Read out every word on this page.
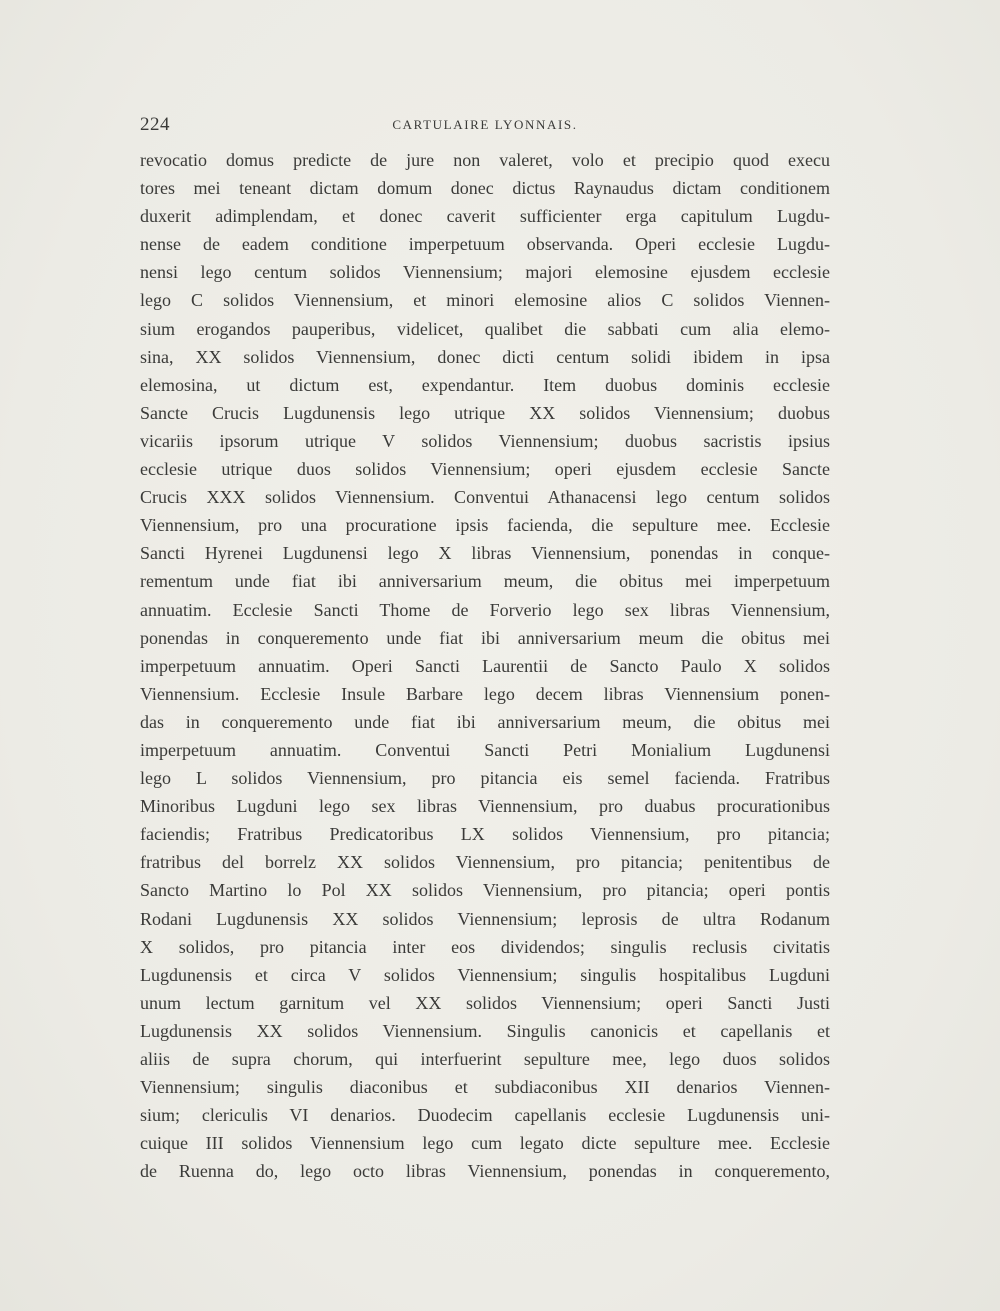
224	CARTULAIRE LYONNAIS.
revocatio domus predicte de jure non valeret, volo et precipio quod execu
tores mei teneant dictam domum donec dictus Raynaudus dictam conditionem
duxerit adimplendam, et donec caverit sufficienter erga capitulum Lugdu-
nense de eadem conditione imperpetuum observanda. Operi ecclesie Lugdu-
nensi lego centum solidos Viennensium; majori elemosine ejusdem ecclesie
lego C solidos Viennensium, et minori elemosine alios C solidos Viennen-
sium erogandos pauperibus, videlicet, qualibet die sabbati cum alia elemo-
sina, XX solidos Viennensium, donec dicti centum solidi ibidem in ipsa
elemosina, ut dictum est, expendantur. Item duobus dominis ecclesie
Sancte Crucis Lugdunensis lego utrique XX solidos Viennensium; duobus
vicariis ipsorum utrique V solidos Viennensium; duobus sacristis ipsius
ecclesie utrique duos solidos Viennensium; operi ejusdem ecclesie Sancte
Crucis XXX solidos Viennensium. Conventui Athanacensi lego centum solidos
Viennensium, pro una procuratione ipsis facienda, die sepulture mee. Ecclesie
Sancti Hyrenei Lugdunensi lego X libras Viennensium, ponendas in conque-
rementum unde fiat ibi anniversarium meum, die obitus mei imperpetuum
annuatim. Ecclesie Sancti Thome de Forverio lego sex libras Viennensium,
ponendas in conqueremento unde fiat ibi anniversarium meum die obitus mei
imperpetuum annuatim. Operi Sancti Laurentii de Sancto Paulo X solidos
Viennensium. Ecclesie Insule Barbare lego decem libras Viennensium ponen-
das in conqueremento unde fiat ibi anniversarium meum, die obitus mei
imperpetuum annuatim. Conventui Sancti Petri Monialium Lugdunensi
lego L solidos Viennensium, pro pitancia eis semel facienda. Fratribus
Minoribus Lugduni lego sex libras Viennensium, pro duabus procurationibus
faciendis; Fratribus Predicatoribus LX solidos Viennensium, pro pitancia;
fratribus del borrelz XX solidos Viennensium, pro pitancia; penitentibus de
Sancto Martino lo Pol XX solidos Viennensium, pro pitancia; operi pontis
Rodani Lugdunensis XX solidos Viennensium; leprosis de ultra Rodanum
X solidos, pro pitancia inter eos dividendos; singulis reclusis civitatis
Lugdunensis et circa V solidos Viennensium; singulis hospitalibus Lugduni
unum lectum garnitum vel XX solidos Viennensium; operi Sancti Justi
Lugdunensis XX solidos Viennensium. Singulis canonicis et capellanis et
aliis de supra chorum, qui interfuerint sepulture mee, lego duos solidos
Viennensium; singulis diaconibus et subdiaconibus XII denarios Viennen-
sium; clericulis VI denarios. Duodecim capellanis ecclesie Lugdunensis uni-
cuique III solidos Viennensium lego cum legato dicte sepulture mee. Ecclesie
de Ruenna do, lego octo libras Viennensium, ponendas in conqueremento,
